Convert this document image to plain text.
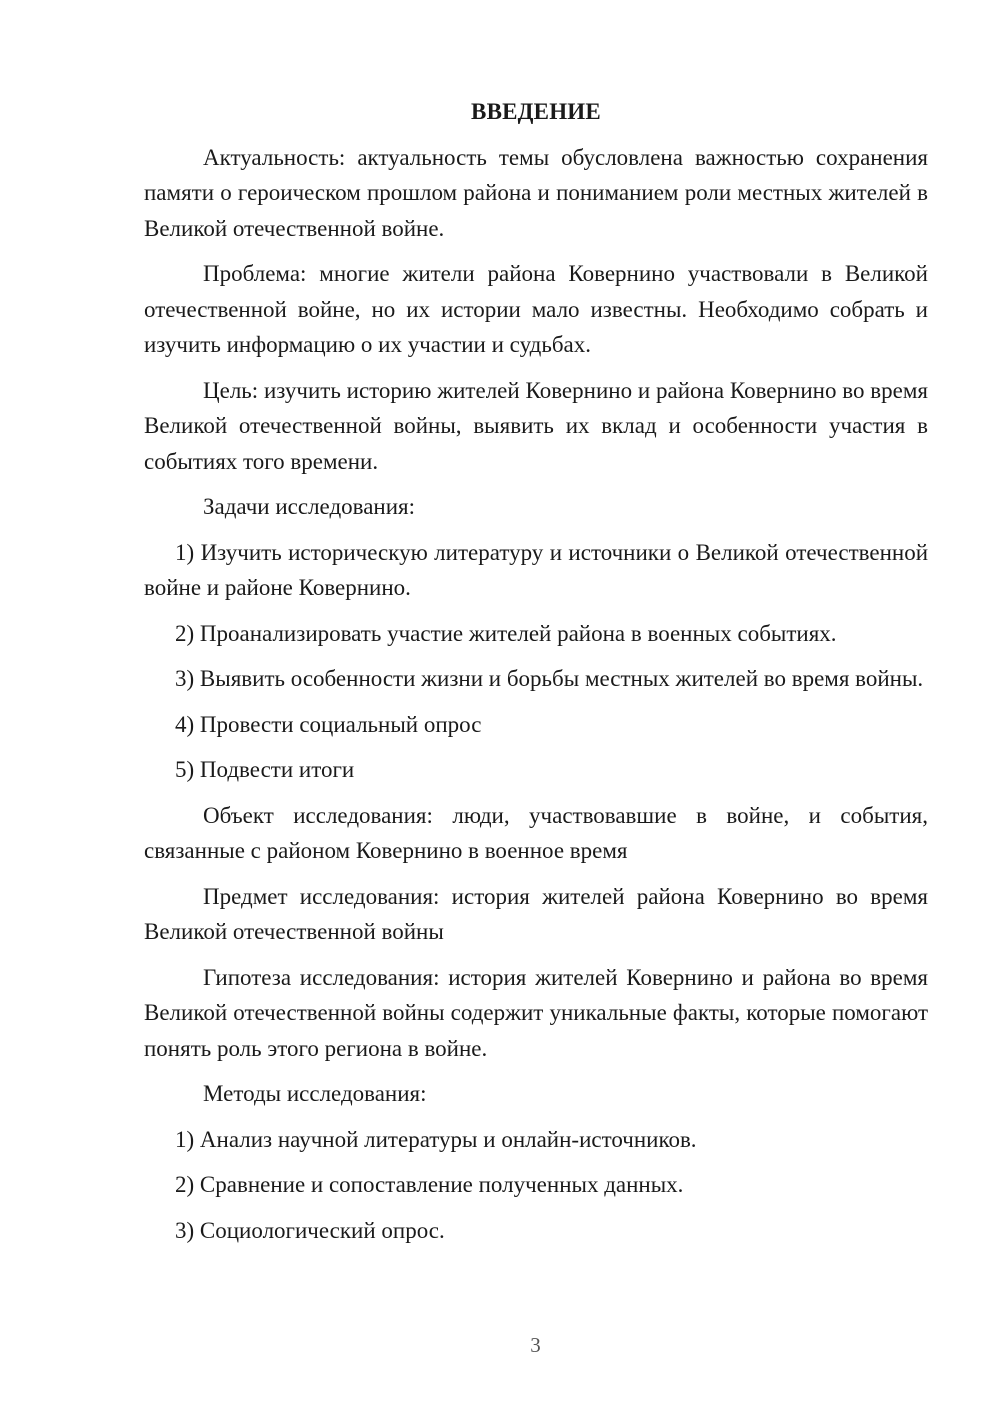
ВВЕДЕНИЕ

Актуальность: актуальность темы обусловлена важностью сохранения памяти о героическом прошлом района и пониманием роли местных жителей в Великой отечественной войне.

Проблема: многие жители района Ковернино участвовали в Великой отечественной войне, но их истории мало известны. Необходимо собрать и изучить информацию о их участии и судьбах.

Цель: изучить историю жителей Ковернино и района Ковернино во время Великой отечественной войны, выявить их вклад и особенности участия в событиях того времени.

Задачи исследования:

1) Изучить историческую литературу и источники о Великой отечественной войне и районе Ковернино.

2) Проанализировать участие жителей района в военных событиях.

3) Выявить особенности жизни и борьбы местных жителей во время войны.

4) Провести социальный опрос

5) Подвести итоги

Объект исследования: люди, участвовавшие в войне, и события, связанные с районом Ковернино в военное время

Предмет исследования: история жителей района Ковернино во время Великой отечественной войны

Гипотеза исследования: история жителей Ковернино и района во время Великой отечественной войны содержит уникальные факты, которые помогают понять роль этого региона в войне.

Методы исследования:

1) Анализ научной литературы и онлайн-источников.

2) Сравнение и сопоставление полученных данных.

3) Социологический опрос.

3
